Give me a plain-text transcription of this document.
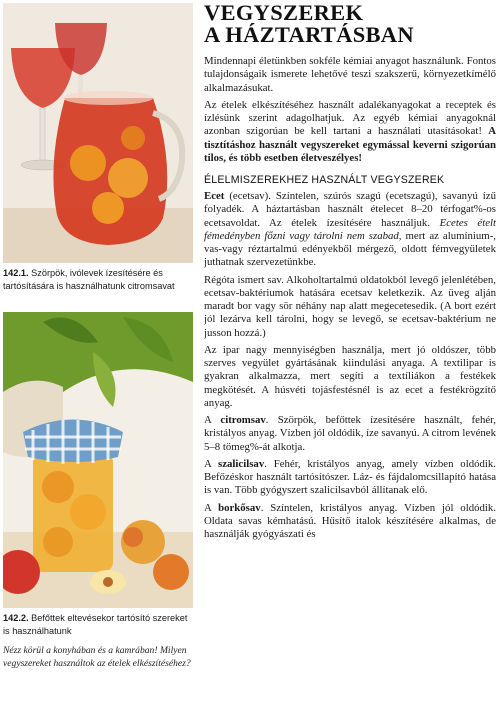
142.1. Szörpök, ivólevek ízesítésére és tartósítására is használhatunk citromsavat
142.2. Befőttek eltevésekor tartósító szereket is használhatunk
Nézz körül a konyhában és a kamrában! Milyen vegyszereket használtok az ételek elkészítéséhez?
VEGYSZEREK
A HÁZTARTÁSBAN

Mindennapi életünkben sokféle kémiai anyagot használunk. Fontos tulajdonságaik ismerete lehetővé teszi szakszerű, környezetkímélő alkalmazásukat.

Az ételek elkészítéséhez használt adalékanyagokat a receptek és ízlésünk szerint adagolhatjuk. Az egyéb kémiai anyagoknál azonban szigorúan be kell tartani a használati utasításokat! A tisztításhoz használt vegyszereket egymással keverni szigorúan tilos, és több esetben életveszélyes!

ÉLELMISZEREKHEZ HASZNÁLT VEGYSZEREK

Ecet (ecetsav). Színtelen, szúrós szagú (ecetszagú), savanyú ízű folyadék. A háztartásban használt ételecet 8–20 térfogat%-os ecetsavoldat. Az ételek ízesítésére használjuk. Ecetes ételt fémedényben főzni vagy tárolni nem szabad, mert az alumínium-, vas-vagy réztartalmú edényekből mérgező, oldott fémvegyületek juthatnak szervezetünkbe.

Régóta ismert sav. Alkoholtartalmú oldatokból levegő jelenlétében, ecetsav-baktériumok hatására ecetsav keletkezik. Az üveg alján maradt bor vagy sör néhány nap alatt megecetesedik. (A bort ezért jól lezárva kell tárolni, hogy se levegő, se ecetsav-baktérium ne jusson hozzá.)

Az ipar nagy mennyiségben használja, mert jó oldószer, több szerves vegyület gyártásának kiindulási anyaga. A textilipar is gyakran alkalmazza, mert segíti a textíliákon a festékek megkötését. A húsvéti tojásfestésnél is az ecet a festékrögzítő anyag.

A citromsav. Szörpök, befőttek ízesítésére használt, fehér, kristályos anyag. Vízben jól oldódik, íze savanyú. A citrom levének 5–8 tömeg%-át alkotja.

A szalicilsav. Fehér, kristályos anyag, amely vízben oldódik. Befőzéskor használt tartósítószer. Láz- és fájdalomcsillapító hatása is van. Több gyógyszert szalicilsavból állítanak elő.

A borkősav. Színtelen, kristályos anyag. Vízben jól oldódik. Oldata savas kémhatású. Hűsítő italok készítésére alkalmas, de használják gyógyászati és
